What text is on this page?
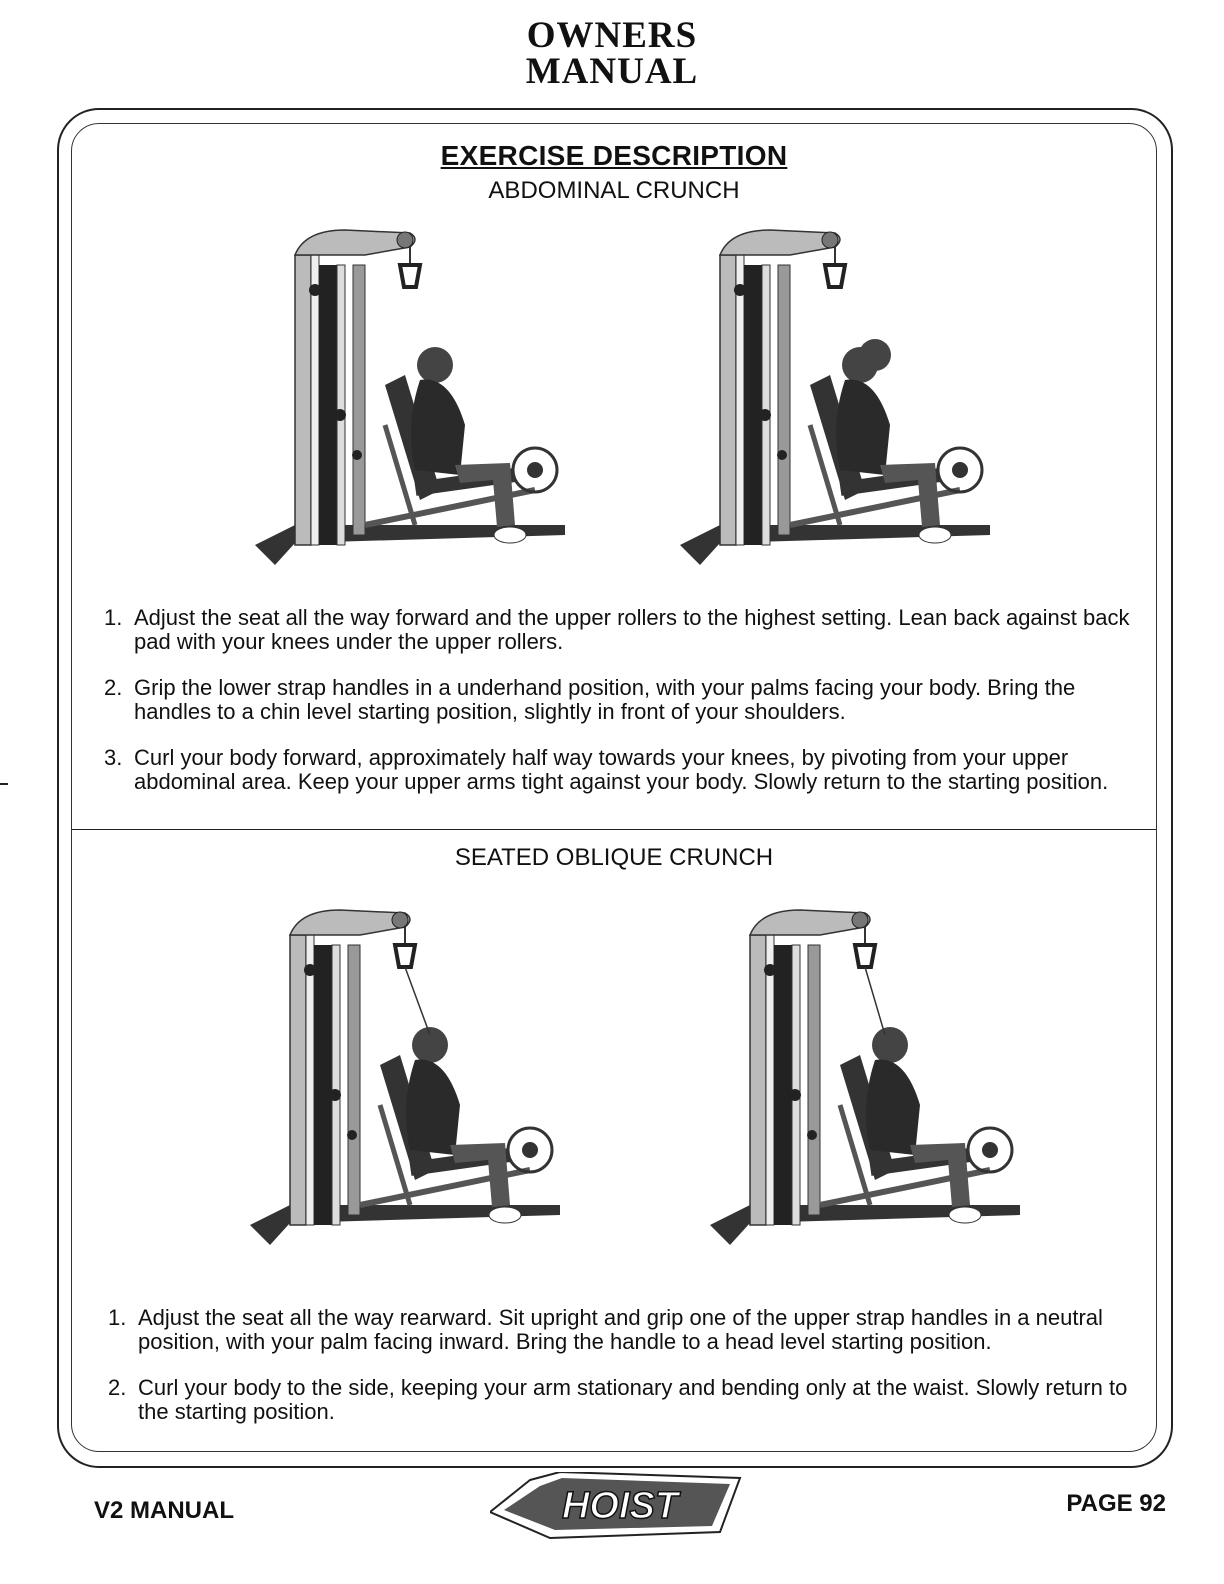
OWNERS
MANUAL
EXERCISE DESCRIPTION
ABDOMINAL CRUNCH
1. Adjust the seat all the way forward and the upper rollers to the highest setting. Lean back against back pad with your knees under the upper rollers.
2. Grip the lower strap handles in a underhand position, with your palms facing your body. Bring the handles to a chin level starting position, slightly in front of your shoulders.
3. Curl your body forward, approximately half way towards your knees, by pivoting from your upper abdominal area. Keep your upper arms tight against your body. Slowly return to the starting position.
SEATED OBLIQUE CRUNCH
1. Adjust the seat all the way rearward. Sit upright and grip one of the upper strap handles in a neutral position, with your palm facing inward. Bring the handle to a head level starting position.
2. Curl your body to the side, keeping your arm stationary and bending only at the waist. Slowly return to the starting position.
V2 MANUAL	HOIST	PAGE 92
